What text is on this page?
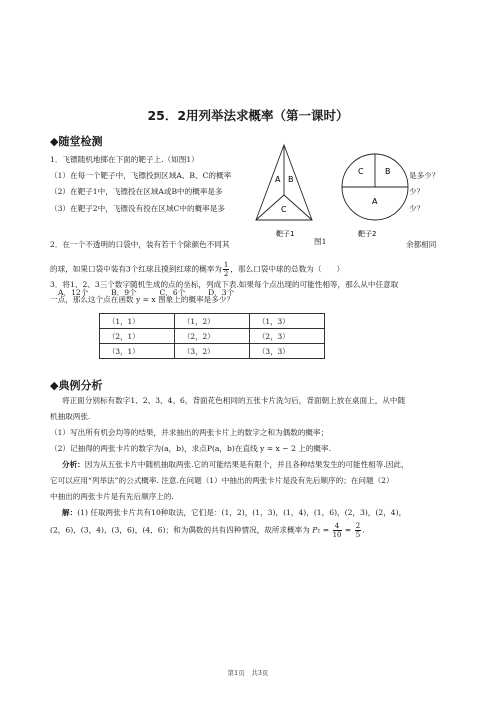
25．2用列举法求概率（第一课时）
◆随堂检测
1．飞镖随机地掷在下面的靶子上.（如图1）
（1）在每一个靶子中，飞镖投到区域A、B、C的概率
（2）在靶子1中，飞镖投在区域A或B中的概率是多
（3）在靶子2中，飞镖没有投在区域C中的概率是多
是多少？
少？
少？
A B
C
靶子1
C	B
A
靶子2
图1
2．在一个不透明的口袋中，装有若干个除颜色不同其	余都相同
的球，如果口袋中装有3个红球且摸到红球的概率为 $\frac{1}{2}$ ，那么口袋中球的总数为（　　）
A．12个　　　B．9个　　　C．6个　　　D．3个
3．将1、2、3三个数字随机生成的点的坐标，列成下表.如果每个点出现的可能性相等，那么从中任意取
一点，那么这个点在函数 y = x 图象上的概率是多少？
（1，1）	（1，2）	（1，3）
（2，1）	（2，2）	（2，3）
（3，1）	（3，2）	（3，3）
◆典例分析
将正面分别标有数字1、2、3、4、6，背面花色相同的五张卡片洗匀后，背面朝上放在桌面上，从中随
机抽取两张.
（1）写出所有机会均等的结果，并求抽出的两张卡片上的数字之和为偶数的概率；
（2）记抽得的两张卡片的数字为(a，b)，求点P(a，b)在直线 y = x − 2 上的概率.
分析：因为从五张卡片中随机抽取两张.它的可能结果是有限个，并且各种结果发生的可能性相等.因此，
它可以应用“列举法”的公式概率. 注意.在问题（1）中抽出的两张卡片是没有先后顺序的；在问题（2）
中抽出的两张卡片是有先后顺序上的.
解：(1) 任取两张卡片共有10种取法，它们是：(1，2)，(1，3)，(1，4)，(1，6)，(2，3)，(2，4)，
(2，6)，(3，4)，(3，6)，(4，6)；和为偶数的共有四种情况，故所求概率为 $P_1 = \frac{4}{10} = \frac{2}{5}$ .
第1页　共3页
